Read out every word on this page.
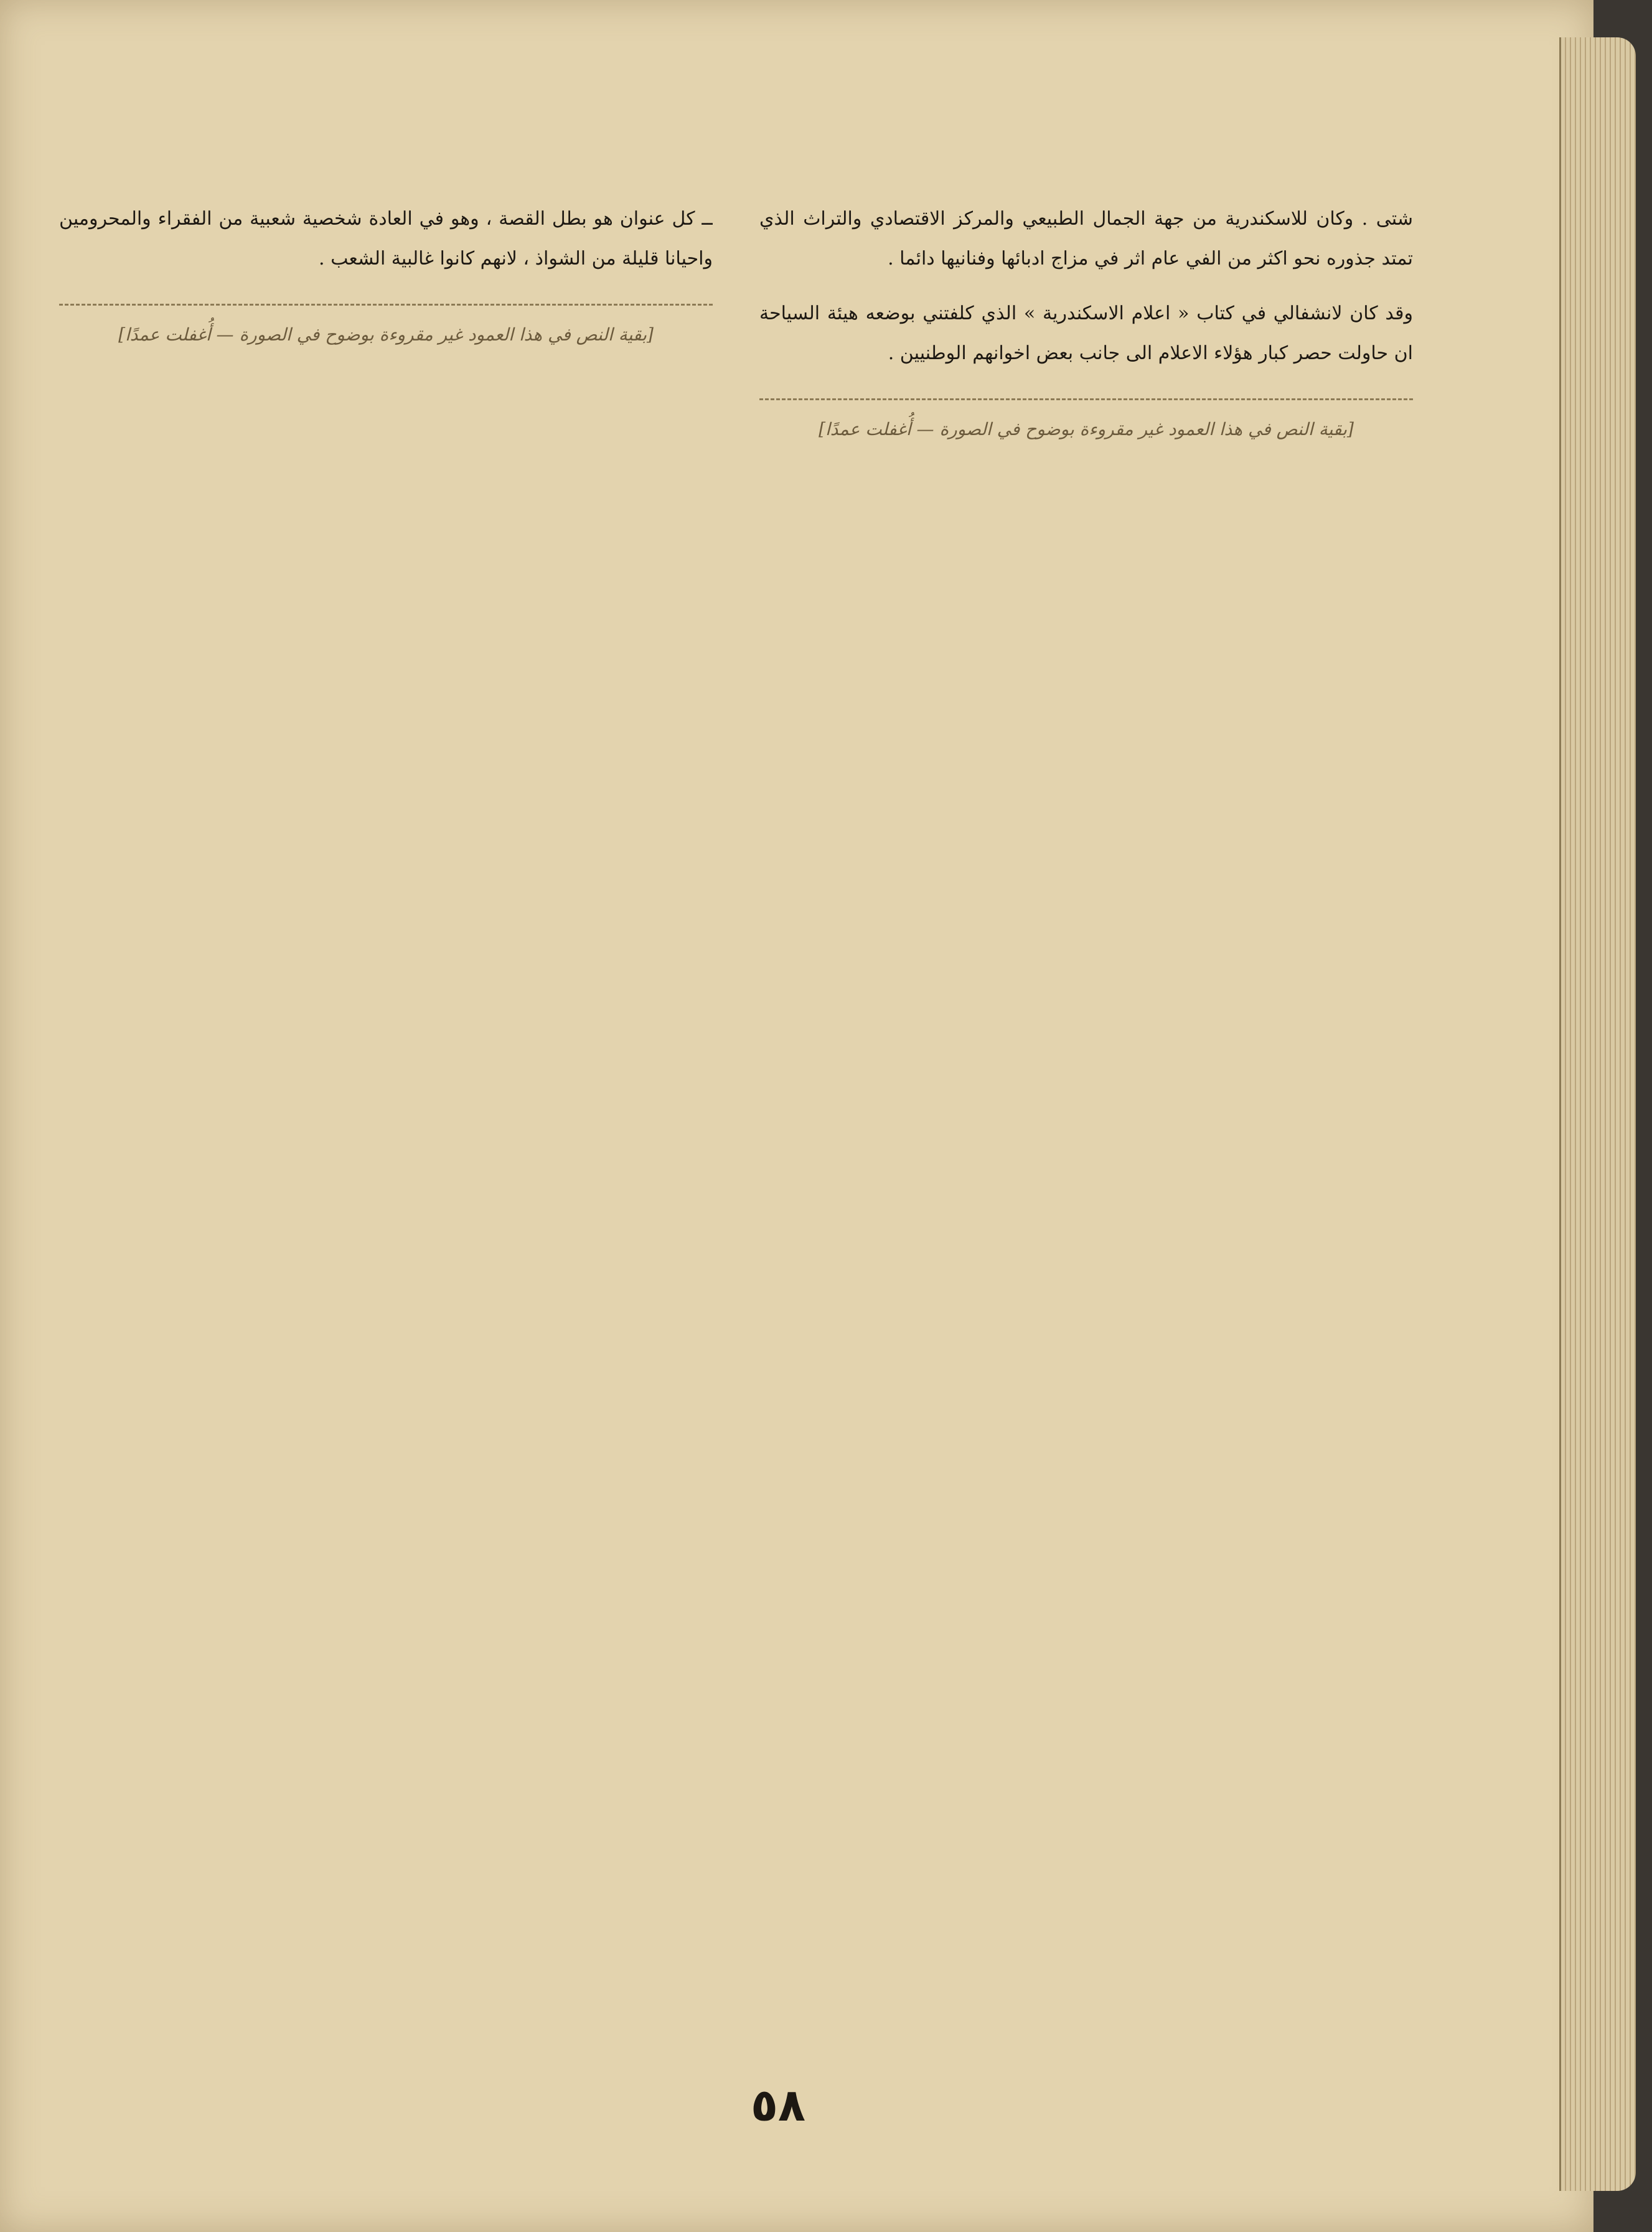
شتى . وكان للاسكندرية من جهة الجمال الطبيعي والمركز الاقتصادي والتراث الذي تمتد جذوره نحو اكثر من الفي عام اثر في مزاج ادبائها وفنانيها دائما .

وقد كان لانشفالي في كتاب « اعلام الاسكندرية » الذي كلفتني بوضعه هيئة السياحة ان حاولت حصر كبار هؤلاء الاعلام الى جانب بعض اخوانهم الوطنيين .

[بقية النص في هذا العمود غير مقروءة بوضوح في الصورة — أُغفلت عمدًا]

ــ كل عنوان هو بطل القصة ، وهو في العادة شخصية شعبية من الفقراء والمحرومين واحيانا قليلة من الشواذ ، لانهم كانوا غالبية الشعب .

[بقية النص في هذا العمود غير مقروءة بوضوح في الصورة — أُغفلت عمدًا]
٥٨
